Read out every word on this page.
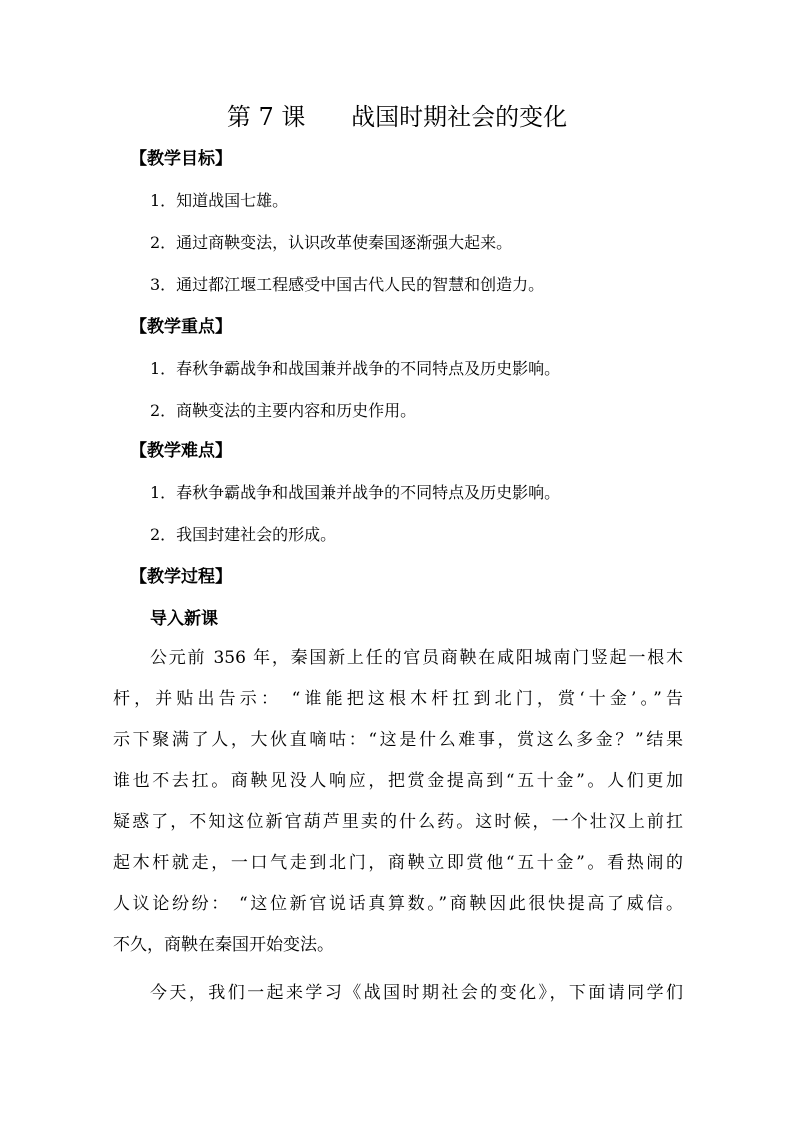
第 7 课      战国时期社会的变化
【教学目标】
1．知道战国七雄。
2．通过商鞅变法，认识改革使秦国逐渐强大起来。
3．通过都江堰工程感受中国古代人民的智慧和创造力。
【教学重点】
1．春秋争霸战争和战国兼并战争的不同特点及历史影响。
2．商鞅变法的主要内容和历史作用。
【教学难点】
1．春秋争霸战争和战国兼并战争的不同特点及历史影响。
2．我国封建社会的形成。
【教学过程】
导入新课
公元前 356 年，秦国新上任的官员商鞅在咸阳城南门竖起一根木
杆，并贴出告示： “谁能把这根木杆扛到北门，赏‘十金’。”告
示下聚满了人，大伙直嘀咕：“这是什么难事，赏这么多金？”结果
谁也不去扛。商鞅见没人响应，把赏金提高到“五十金”。人们更加
疑惑了，不知这位新官葫芦里卖的什么药。这时候，一个壮汉上前扛
起木杆就走，一口气走到北门，商鞅立即赏他“五十金”。看热闹的
人议论纷纷： “这位新官说话真算数。”商鞅因此很快提高了威信。
不久，商鞅在秦国开始变法。
今天，我们一起来学习《战国时期社会的变化》，下面请同学们
